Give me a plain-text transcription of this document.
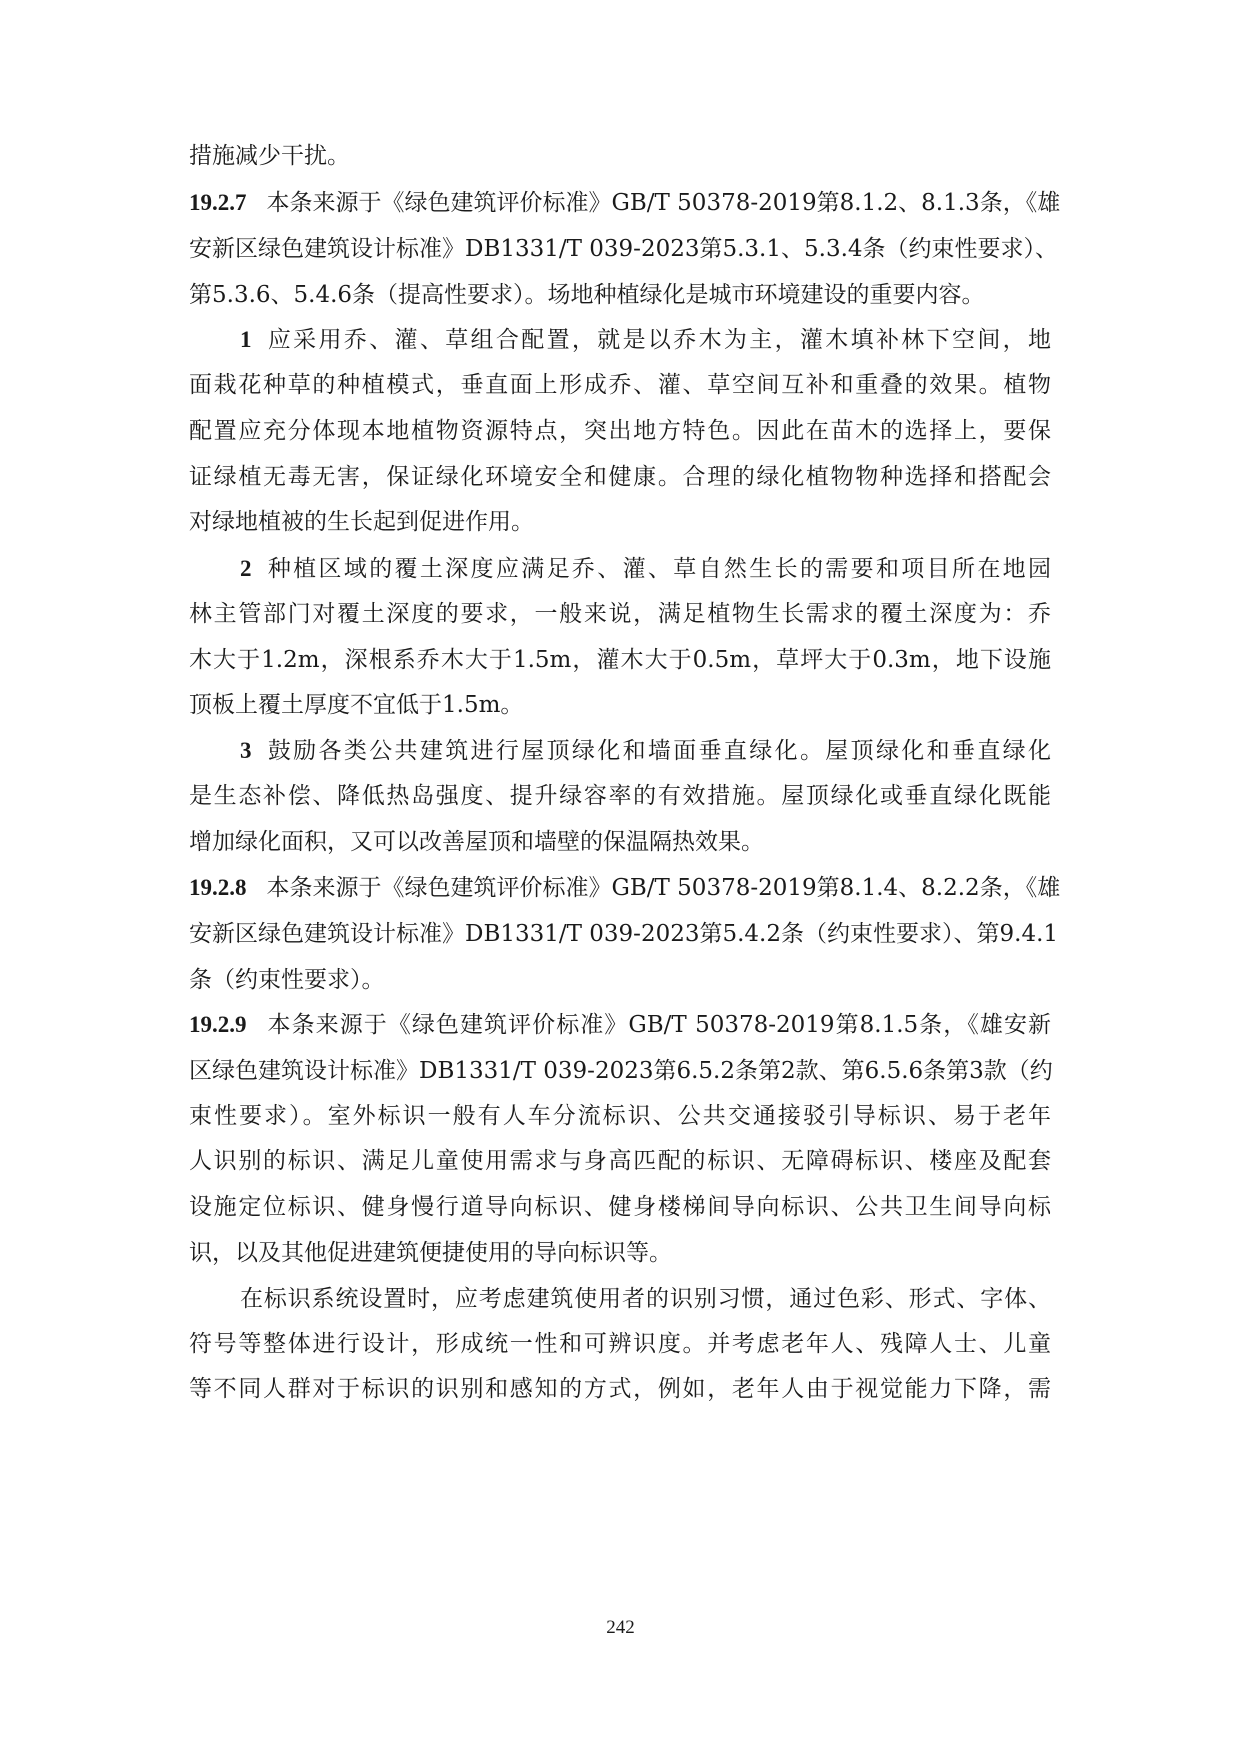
措施减少干扰。
19.2.7 本条来源于《绿色建筑评价标准》GB/T 50378-2019第8.1.2、8.1.3条，《雄
安新区绿色建筑设计标准》DB1331/T 039-2023第5.3.1、5.3.4条（约束性要求）、
第5.3.6、5.4.6条（提高性要求）。场地种植绿化是城市环境建设的重要内容。
1 应采用乔、灌、草组合配置，就是以乔木为主，灌木填补林下空间，地
面栽花种草的种植模式，垂直面上形成乔、灌、草空间互补和重叠的效果。植物
配置应充分体现本地植物资源特点，突出地方特色。因此在苗木的选择上，要保
证绿植无毒无害，保证绿化环境安全和健康。合理的绿化植物物种选择和搭配会
对绿地植被的生长起到促进作用。
2 种植区域的覆土深度应满足乔、灌、草自然生长的需要和项目所在地园
林主管部门对覆土深度的要求，一般来说，满足植物生长需求的覆土深度为：乔
木大于1.2m，深根系乔木大于1.5m，灌木大于0.5m，草坪大于0.3m，地下设施
顶板上覆土厚度不宜低于1.5m。
3 鼓励各类公共建筑进行屋顶绿化和墙面垂直绿化。屋顶绿化和垂直绿化
是生态补偿、降低热岛强度、提升绿容率的有效措施。屋顶绿化或垂直绿化既能
增加绿化面积，又可以改善屋顶和墙壁的保温隔热效果。
19.2.8 本条来源于《绿色建筑评价标准》GB/T 50378-2019第8.1.4、8.2.2条，《雄
安新区绿色建筑设计标准》DB1331/T 039-2023第5.4.2条（约束性要求）、第9.4.1
条（约束性要求）。
19.2.9 本条来源于《绿色建筑评价标准》GB/T 50378-2019第8.1.5条，《雄安新
区绿色建筑设计标准》DB1331/T 039-2023第6.5.2条第2款、第6.5.6条第3款（约
束性要求）。室外标识一般有人车分流标识、公共交通接驳引导标识、易于老年
人识别的标识、满足儿童使用需求与身高匹配的标识、无障碍标识、楼座及配套
设施定位标识、健身慢行道导向标识、健身楼梯间导向标识、公共卫生间导向标
识，以及其他促进建筑便捷使用的导向标识等。
在标识系统设置时，应考虑建筑使用者的识别习惯，通过色彩、形式、字体、
符号等整体进行设计，形成统一性和可辨识度。并考虑老年人、残障人士、儿童
等不同人群对于标识的识别和感知的方式，例如，老年人由于视觉能力下降，需
242
